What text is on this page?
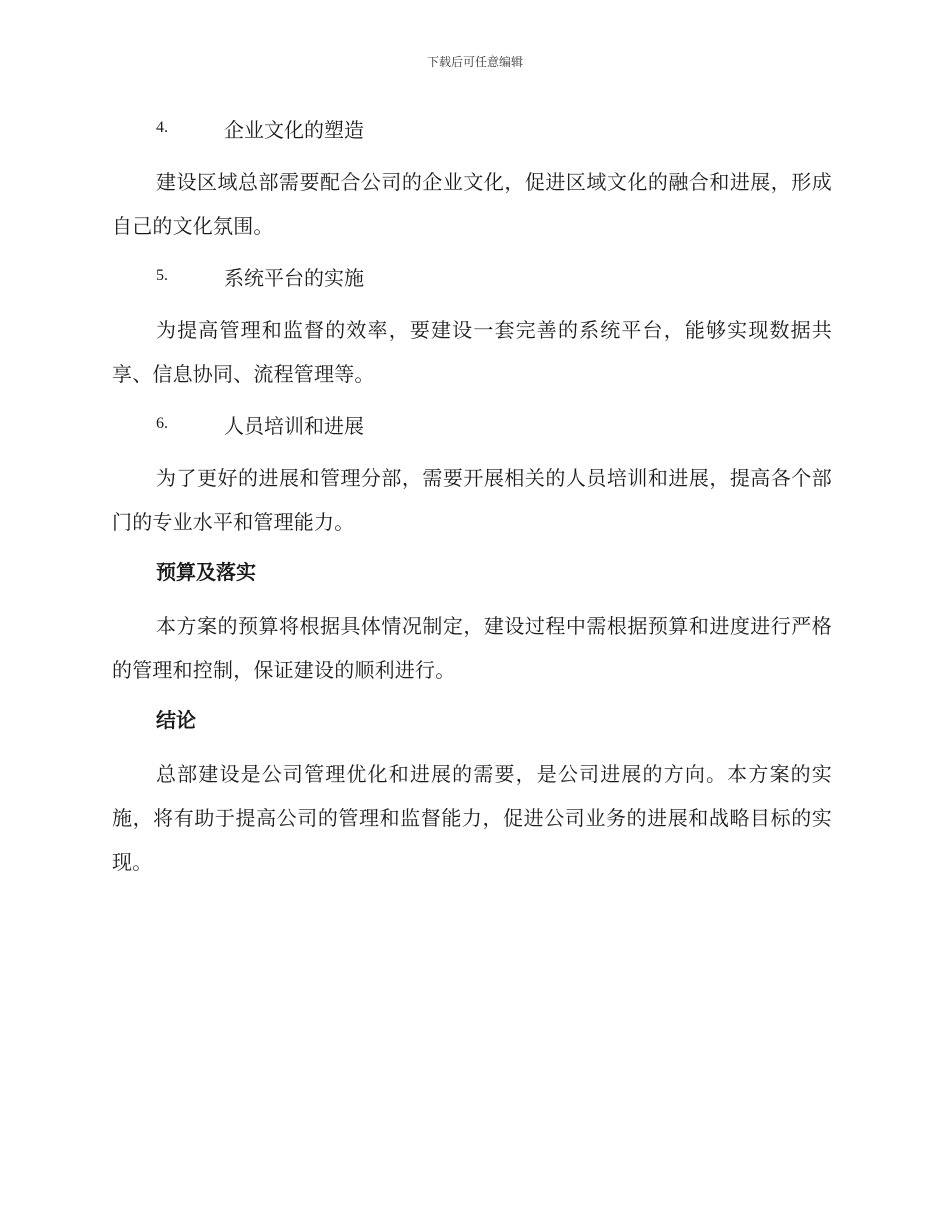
下载后可任意编辑
4.	企业文化的塑造

建设区域总部需要配合公司的企业文化，促进区域文化的融合和进展，形成自己的文化氛围。

5.	系统平台的实施

为提高管理和监督的效率，要建设一套完善的系统平台，能够实现数据共享、信息协同、流程管理等。

6.	人员培训和进展

为了更好的进展和管理分部，需要开展相关的人员培训和进展，提高各个部门的专业水平和管理能力。

预算及落实

本方案的预算将根据具体情况制定，建设过程中需根据预算和进度进行严格的管理和控制，保证建设的顺利进行。

结论

总部建设是公司管理优化和进展的需要，是公司进展的方向。本方案的实施，将有助于提高公司的管理和监督能力，促进公司业务的进展和战略目标的实现。
